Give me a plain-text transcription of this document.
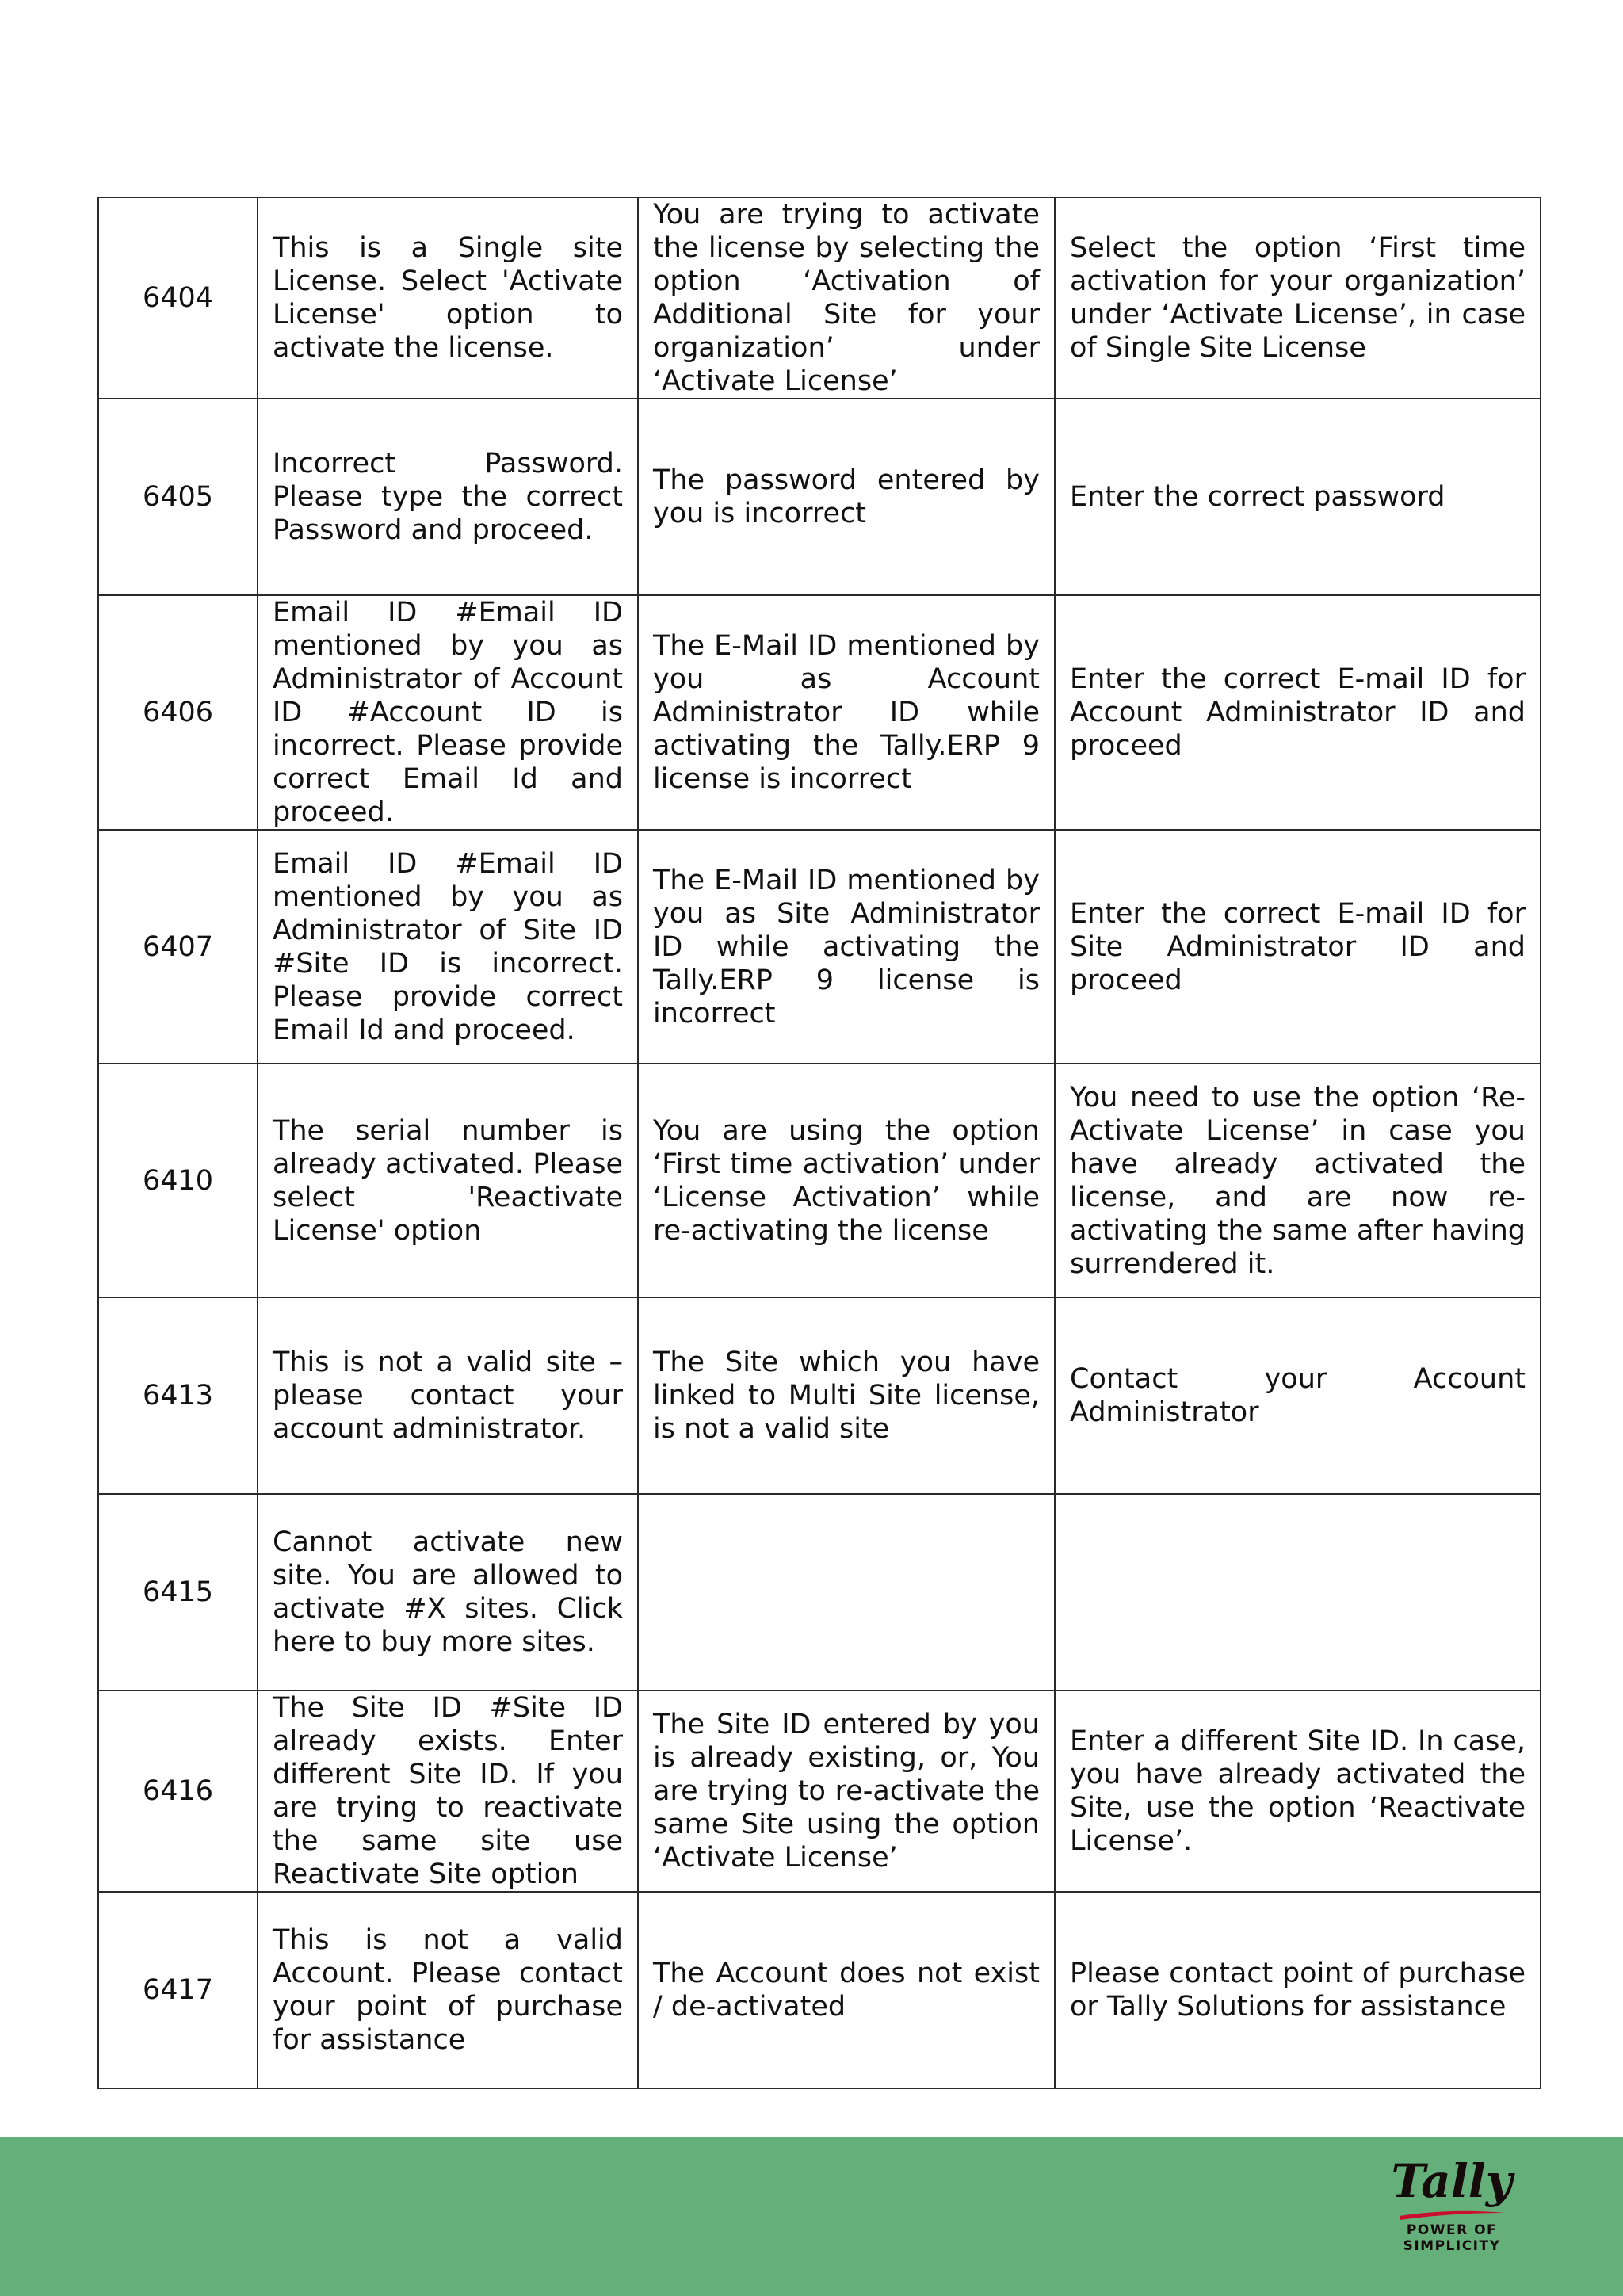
6404	This is a Single site License. Select 'Activate License' option to activate the license.	You are trying to activate the license by selecting the option ‘Activation of Additional Site for your organization’ under ‘Activate License’	Select the option ‘First time activation for your organization’ under ‘Activate License’, in case of Single Site License
6405	Incorrect Password. Please type the correct Password and proceed.	The password entered by you is incorrect	Enter the correct password
6406	Email ID #Email ID mentioned by you as Administrator of Account ID #Account ID is incorrect. Please provide correct Email Id and proceed.	The E-Mail ID mentioned by you as Account Administrator ID while activating the Tally.ERP 9 license is incorrect	Enter the correct E-mail ID for Account Administrator ID and proceed
6407	Email ID #Email ID mentioned by you as Administrator of Site ID #Site ID is incorrect. Please provide correct Email Id and proceed.	The E-Mail ID mentioned by you as Site Administrator ID while activating the Tally.ERP 9 license is incorrect	Enter the correct E-mail ID for Site Administrator ID and proceed
6410	The serial number is already activated. Please select 'Reactivate License' option	You are using the option ‘First time activation’ under ‘License Activation’ while re-activating the license	You need to use the option ‘Re-Activate License’ in case you have already activated the license, and are now re-activating the same after having surrendered it.
6413	This is not a valid site – please contact your account administrator.	The Site which you have linked to Multi Site license, is not a valid site	Contact your Account Administrator
6415	Cannot activate new site. You are allowed to activate #X sites. Click here to buy more sites.		
6416	The Site ID #Site ID already exists. Enter different Site ID. If you are trying to reactivate the same site use Reactivate Site option	The Site ID entered by you is already existing, or, You are trying to re-activate the same Site using the option ‘Activate License’	Enter a different Site ID. In case, you have already activated the Site, use the option ‘Reactivate License’.
6417	This is not a valid Account. Please contact your point of purchase for assistance	The Account does not exist / de-activated	Please contact point of purchase or Tally Solutions for assistance
Tally
POWER OF SIMPLICITY
